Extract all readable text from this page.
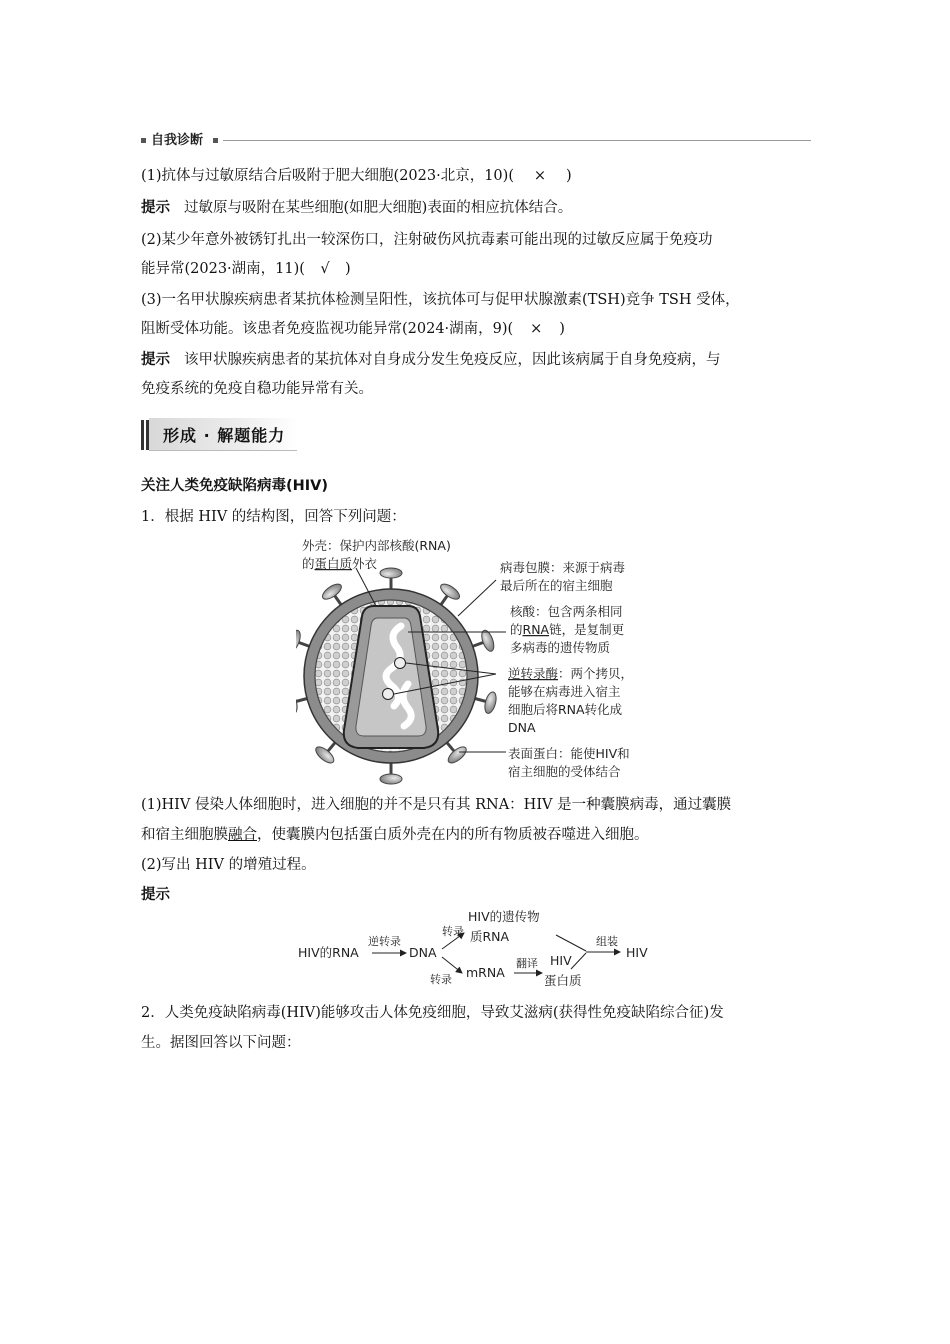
自我诊断
(1)抗体与过敏原结合后吸附于肥大细胞(2023·北京，10)( × )
提示 过敏原与吸附在某些细胞(如肥大细胞)表面的相应抗体结合。
(2)某少年意外被锈钉扎出一较深伤口，注射破伤风抗毒素可能出现的过敏反应属于免疫功
能异常(2023·湖南，11)( √ )
(3)一名甲状腺疾病患者某抗体检测呈阳性，该抗体可与促甲状腺激素(TSH)竞争 TSH 受体，
阻断受体功能。该患者免疫监视功能异常(2024·湖南，9)( × )
提示 该甲状腺疾病患者的某抗体对自身成分发生免疫反应，因此该病属于自身免疫病，与
免疫系统的免疫自稳功能异常有关。
形成 · 解题能力
关注人类免疫缺陷病毒(HIV)
1．根据 HIV 的结构图，回答下列问题：
外壳：保护内部核酸(RNA)
的蛋白质外衣	病毒包膜：来源于病毒
最后所在的宿主细胞
核酸：包含两条相同
的RNA链，是复制更
多病毒的遗传物质
逆转录酶：两个拷贝，
能够在病毒进入宿主
细胞后将RNA转化成
DNA
表面蛋白：能使HIV和
宿主细胞的受体结合
(1)HIV 侵染人体细胞时，进入细胞的并不是只有其 RNA：HIV 是一种囊膜病毒，通过囊膜
和宿主细胞膜融合，使囊膜内包括蛋白质外壳在内的所有物质被吞噬进入细胞。
(2)写出 HIV 的增殖过程。
提示
HIV的RNA
逆转录
DNA
转录
HIV的遗传物
质RNA
转录 mRNA
翻译 HIV
蛋白质
组装
HIV
2．人类免疫缺陷病毒(HIV)能够攻击人体免疫细胞，导致艾滋病(获得性免疫缺陷综合征)发
生。据图回答以下问题：
